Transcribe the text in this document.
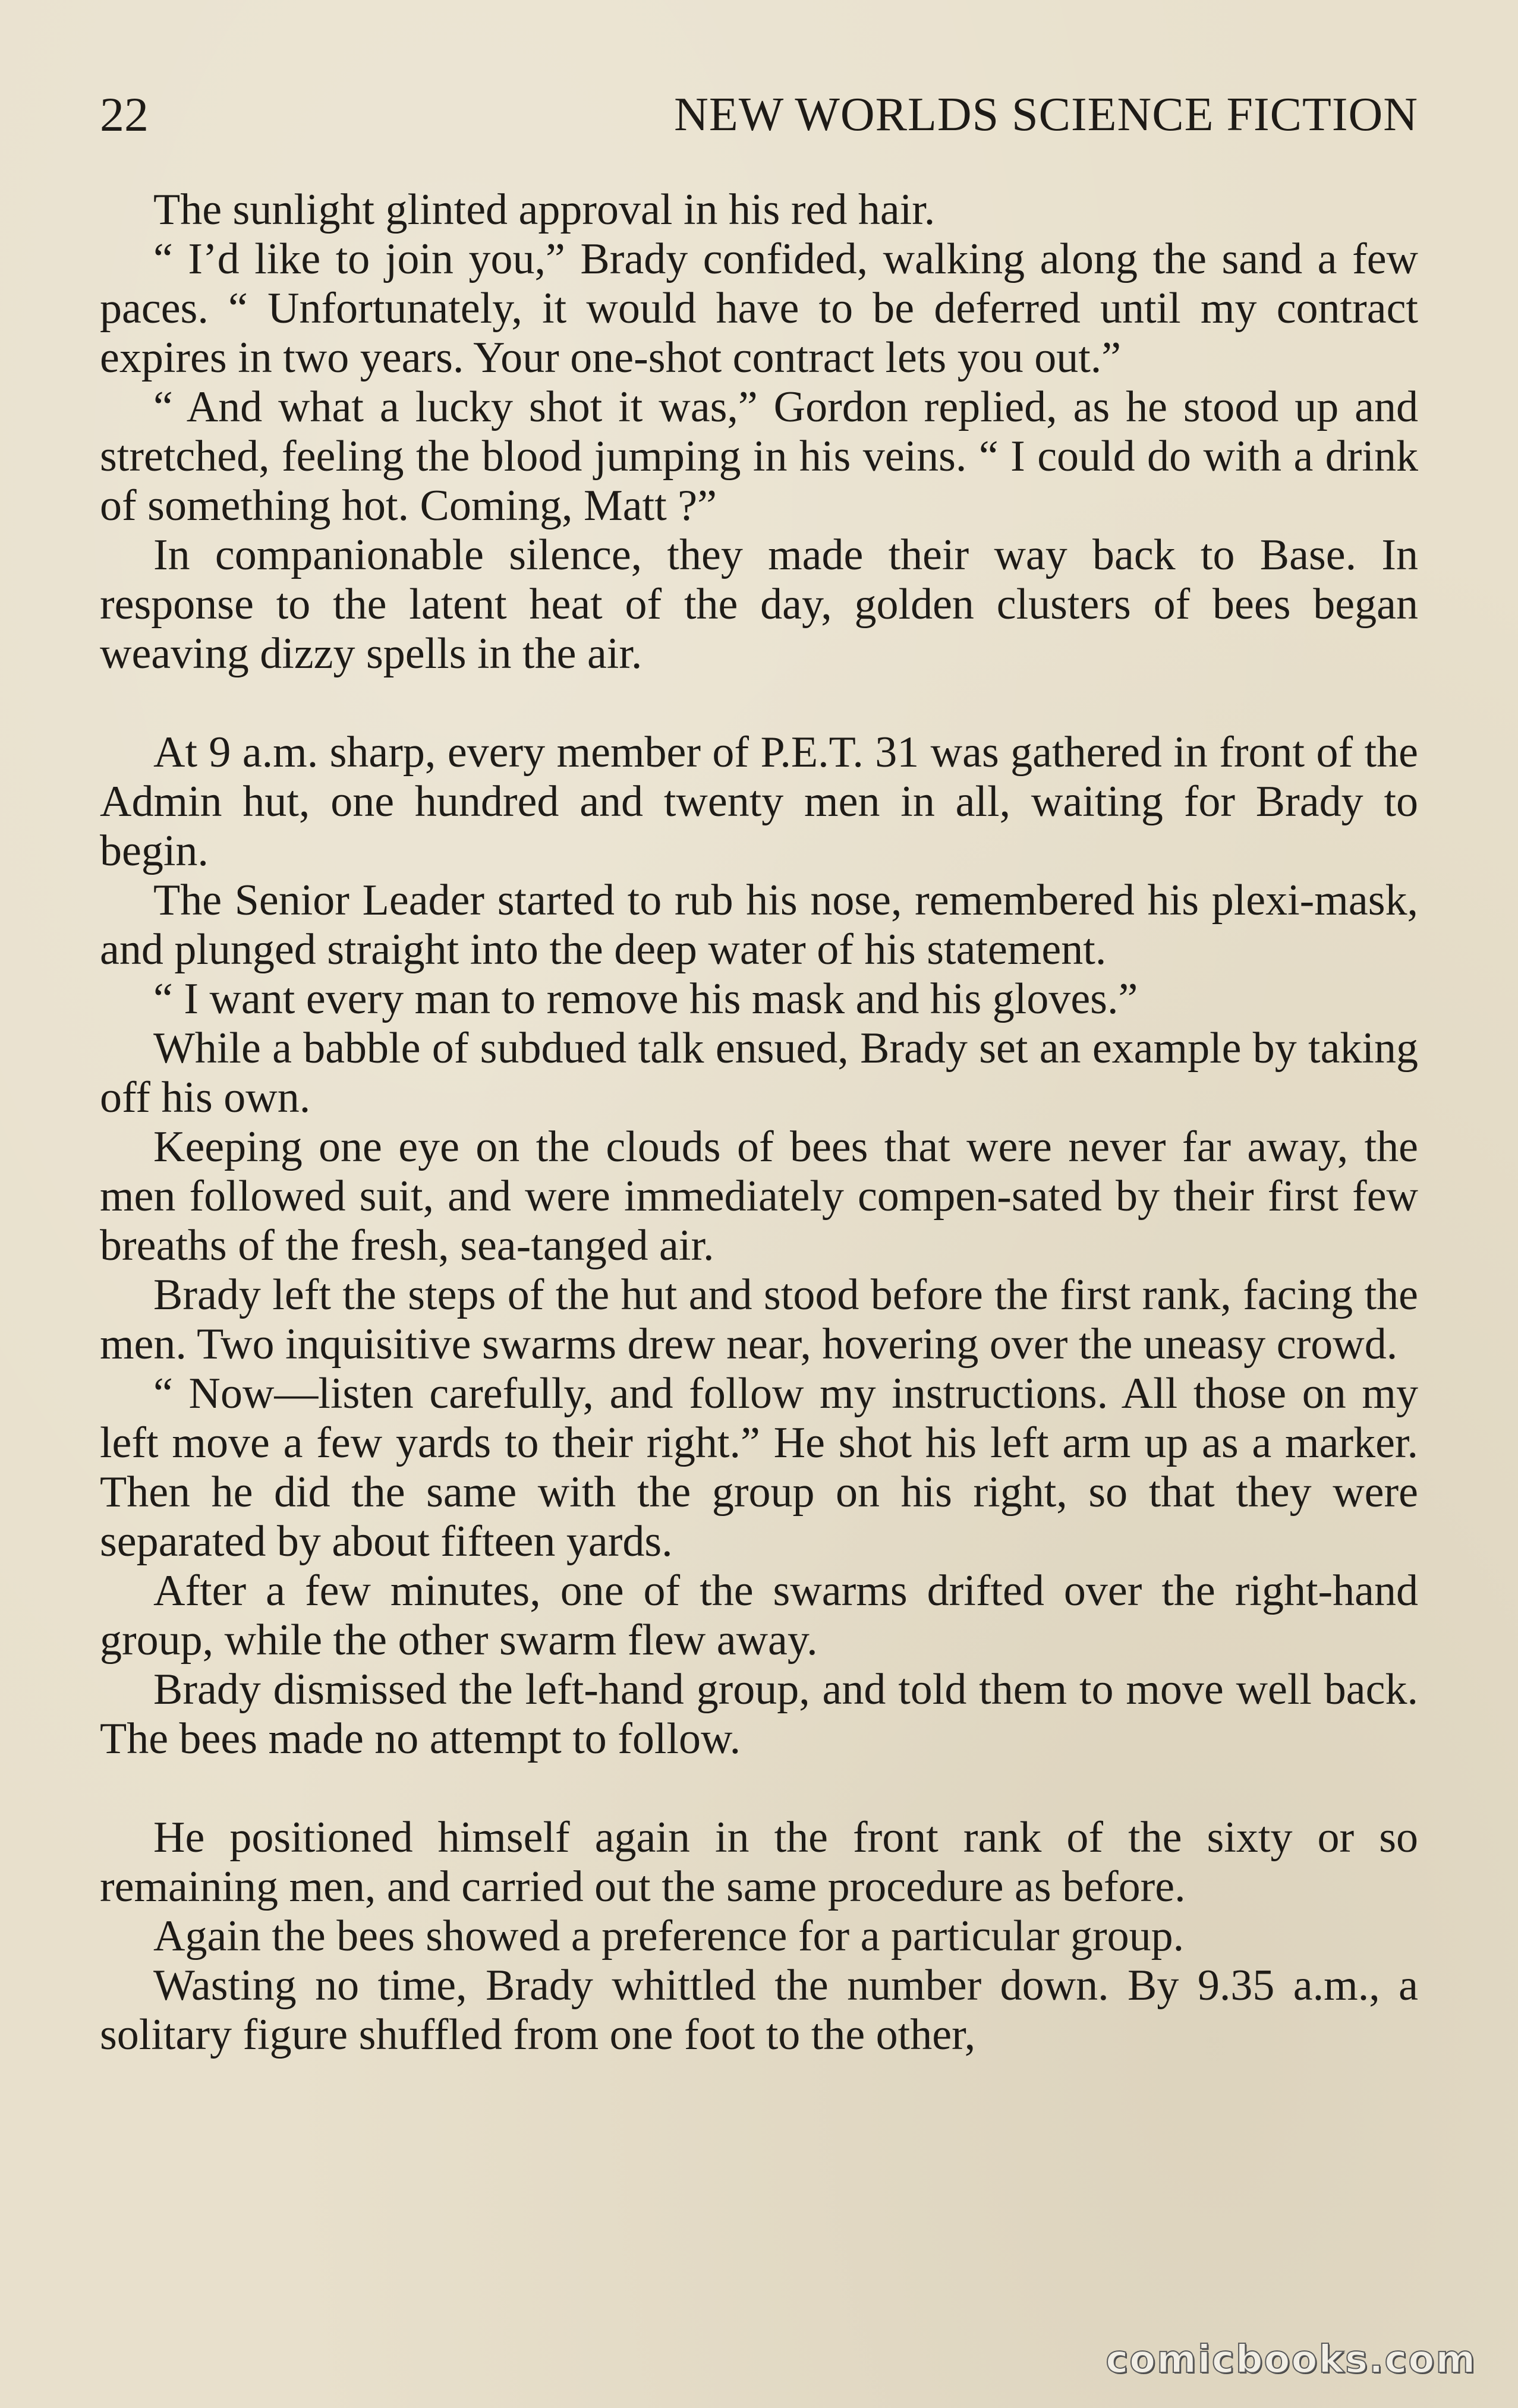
22	NEW WORLDS SCIENCE FICTION

The sunlight glinted approval in his red hair.

“ I’d like to join you,” Brady confided, walking along the sand a few paces. “ Unfortunately, it would have to be deferred until my contract expires in two years. Your one-shot contract lets you out.”

“ And what a lucky shot it was,” Gordon replied, as he stood up and stretched, feeling the blood jumping in his veins. “ I could do with a drink of something hot. Coming, Matt ?”

In companionable silence, they made their way back to Base. In response to the latent heat of the day, golden clusters of bees began weaving dizzy spells in the air.

At 9 a.m. sharp, every member of P.E.T. 31 was gathered in front of the Admin hut, one hundred and twenty men in all, waiting for Brady to begin.

The Senior Leader started to rub his nose, remembered his plexi-mask, and plunged straight into the deep water of his statement.

“ I want every man to remove his mask and his gloves.”

While a babble of subdued talk ensued, Brady set an example by taking off his own.

Keeping one eye on the clouds of bees that were never far away, the men followed suit, and were immediately compen-sated by their first few breaths of the fresh, sea-tanged air.

Brady left the steps of the hut and stood before the first rank, facing the men. Two inquisitive swarms drew near, hovering over the uneasy crowd.

“ Now—listen carefully, and follow my instructions. All those on my left move a few yards to their right.” He shot his left arm up as a marker. Then he did the same with the group on his right, so that they were separated by about fifteen yards.

After a few minutes, one of the swarms drifted over the right-hand group, while the other swarm flew away.

Brady dismissed the left-hand group, and told them to move well back. The bees made no attempt to follow.

He positioned himself again in the front rank of the sixty or so remaining men, and carried out the same procedure as before.

Again the bees showed a preference for a particular group.

Wasting no time, Brady whittled the number down. By 9.35 a.m., a solitary figure shuffled from one foot to the other,

comicbooks.com
